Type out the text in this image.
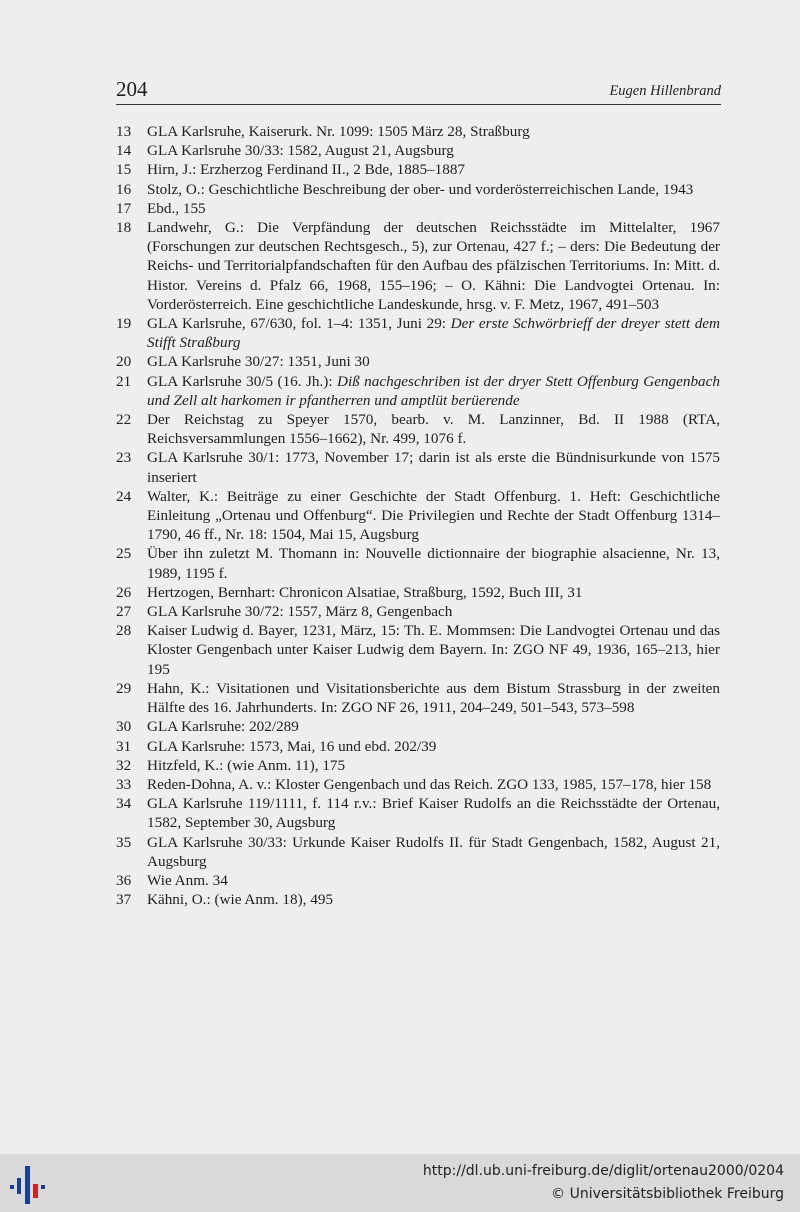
204	Eugen Hillenbrand
13	GLA Karlsruhe, Kaiserurk. Nr. 1099: 1505 März 28, Straßburg
14	GLA Karlsruhe 30/33: 1582, August 21, Augsburg
15	Hirn, J.: Erzherzog Ferdinand II., 2 Bde, 1885–1887
16	Stolz, O.: Geschichtliche Beschreibung der ober- und vorderösterreichischen Lande, 1943
17	Ebd., 155
18	Landwehr, G.: Die Verpfändung der deutschen Reichsstädte im Mittelalter, 1967 (Forschungen zur deutschen Rechtsgesch., 5), zur Ortenau, 427 f.; – ders: Die Bedeutung der Reichs- und Territorialpfandschaften für den Aufbau des pfälzischen Territoriums. In: Mitt. d. Histor. Vereins d. Pfalz 66, 1968, 155–196; – O. Kähni: Die Landvogtei Ortenau. In: Vorderösterreich. Eine geschichtliche Landeskunde, hrsg. v. F. Metz, 1967, 491–503
19	GLA Karlsruhe, 67/630, fol. 1–4: 1351, Juni 29: Der erste Schwörbrieff der dreyer stett dem Stifft Straßburg
20	GLA Karlsruhe 30/27: 1351, Juni 30
21	GLA Karlsruhe 30/5 (16. Jh.): Diß nachgeschriben ist der dryer Stett Offenburg Gengenbach und Zell alt harkomen ir pfantherren und amptlüt berüerende
22	Der Reichstag zu Speyer 1570, bearb. v. M. Lanzinner, Bd. II 1988 (RTA, Reichsversammlungen 1556–1662), Nr. 499, 1076 f.
23	GLA Karlsruhe 30/1: 1773, November 17; darin ist als erste die Bündnisurkunde von 1575 inseriert
24	Walter, K.: Beiträge zu einer Geschichte der Stadt Offenburg. 1. Heft: Geschichtliche Einleitung „Ortenau und Offenburg“. Die Privilegien und Rechte der Stadt Offenburg 1314–1790, 46 ff., Nr. 18: 1504, Mai 15, Augsburg
25	Über ihn zuletzt M. Thomann in: Nouvelle dictionnaire der biographie alsacienne, Nr. 13, 1989, 1195 f.
26	Hertzogen, Bernhart: Chronicon Alsatiae, Straßburg, 1592, Buch III, 31
27	GLA Karlsruhe 30/72: 1557, März 8, Gengenbach
28	Kaiser Ludwig d. Bayer, 1231, März, 15: Th. E. Mommsen: Die Landvogtei Ortenau und das Kloster Gengenbach unter Kaiser Ludwig dem Bayern. In: ZGO NF 49, 1936, 165–213, hier 195
29	Hahn, K.: Visitationen und Visitationsberichte aus dem Bistum Strassburg in der zweiten Hälfte des 16. Jahrhunderts. In: ZGO NF 26, 1911, 204–249, 501–543, 573–598
30	GLA Karlsruhe: 202/289
31	GLA Karlsruhe: 1573, Mai, 16 und ebd. 202/39
32	Hitzfeld, K.: (wie Anm. 11), 175
33	Reden-Dohna, A. v.: Kloster Gengenbach und das Reich. ZGO 133, 1985, 157–178, hier 158
34	GLA Karlsruhe 119/1111, f. 114 r.v.: Brief Kaiser Rudolfs an die Reichsstädte der Ortenau, 1582, September 30, Augsburg
35	GLA Karlsruhe 30/33: Urkunde Kaiser Rudolfs II. für Stadt Gengenbach, 1582, August 21, Augsburg
36	Wie Anm. 34
37	Kähni, O.: (wie Anm. 18), 495
http://dl.ub.uni-freiburg.de/diglit/ortenau2000/0204
© Universitätsbibliothek Freiburg
